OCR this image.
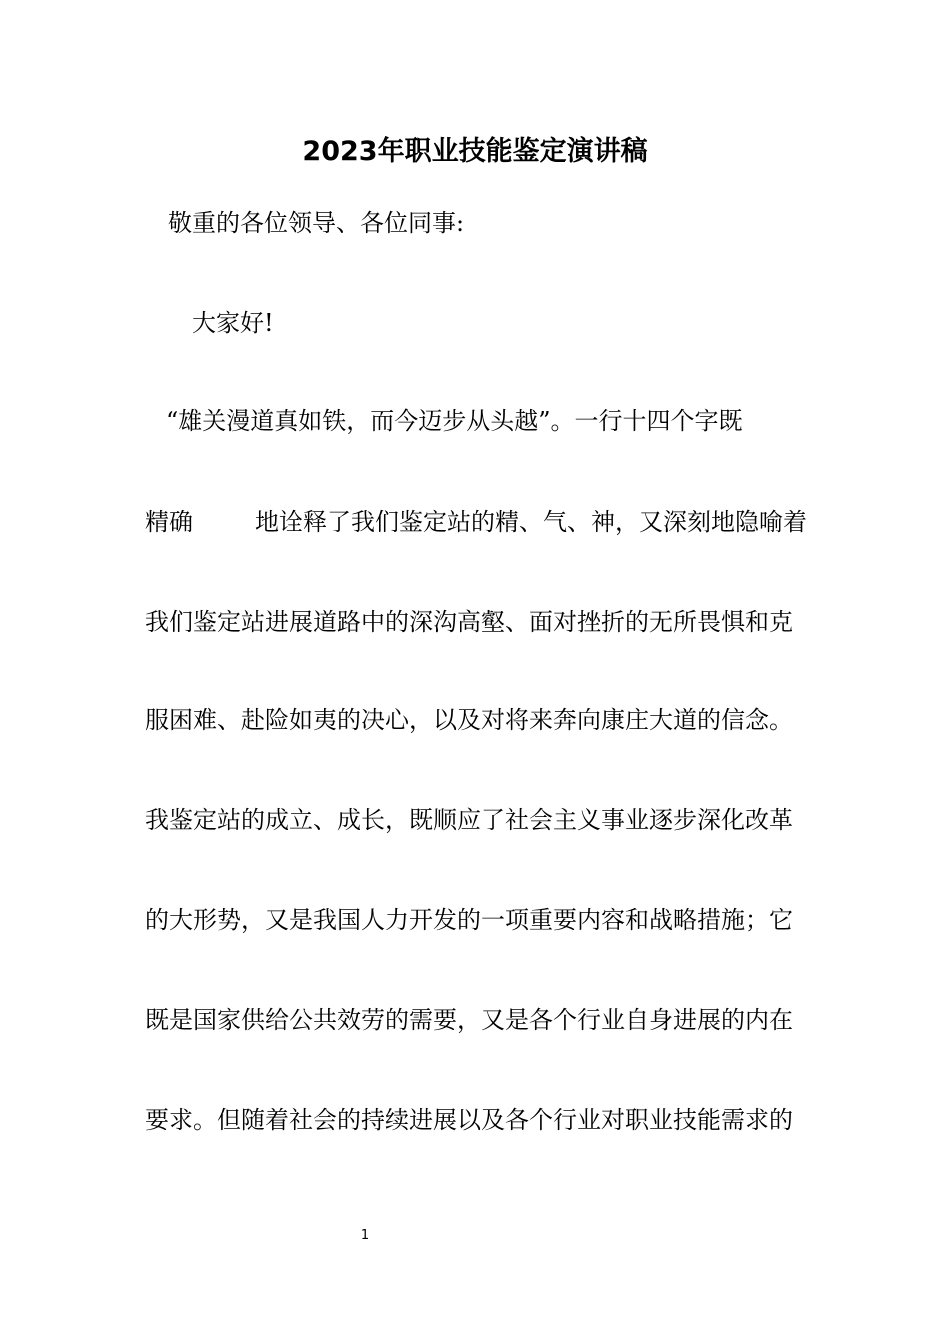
2023年职业技能鉴定演讲稿
敬重的各位领导、各位同事:
大家好!
“雄关漫道真如铁，而今迈步从头越”。一行十四个字既
精确	地诠释了我们鉴定站的精、气、神，又深刻地隐喻着
我们鉴定站进展道路中的深沟高壑、面对挫折的无所畏惧和克
服困难、赴险如夷的决心，以及对将来奔向康庄大道的信念。
我鉴定站的成立、成长，既顺应了社会主义事业逐步深化改革
的大形势，又是我国人力开发的一项重要内容和战略措施；它
既是国家供给公共效劳的需要，又是各个行业自身进展的内在
要求。但随着社会的持续进展以及各个行业对职业技能需求的
1
